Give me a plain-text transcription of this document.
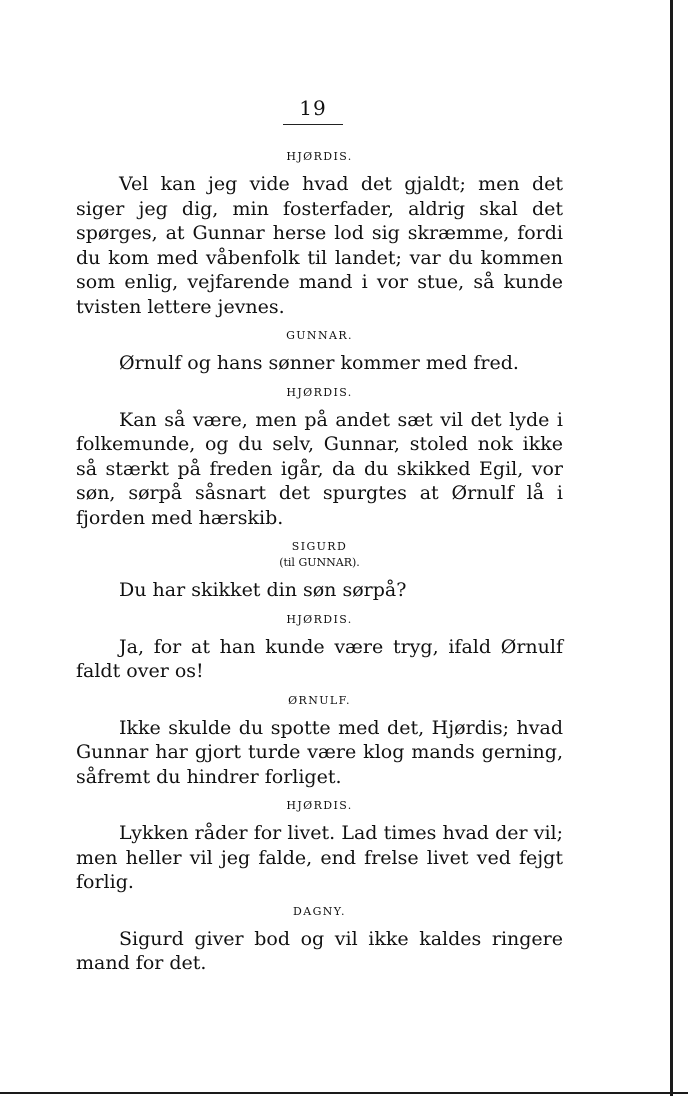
19

HJØRDIS.

Vel kan jeg vide hvad det gjaldt; men det siger jeg dig, min fosterfader, aldrig skal det spørges, at Gunnar herse lod sig skræmme, fordi du kom med våbenfolk til landet; var du kommen som enlig, vejfarende mand i vor stue, så kunde tvisten lettere jevnes.

GUNNAR.

Ørnulf og hans sønner kommer med fred.

HJØRDIS.

Kan så være, men på andet sæt vil det lyde i folkemunde, og du selv, Gunnar, stoled nok ikke så stærkt på freden igår, da du skikked Egil, vor søn, sørpå såsnart det spurgtes at Ørnulf lå i fjorden med hærskib.

SIGURD

(til GUNNAR).

Du har skikket din søn sørpå?

HJØRDIS.

Ja, for at han kunde være tryg, ifald Ørnulf faldt over os!

ØRNULF.

Ikke skulde du spotte med det, Hjørdis; hvad Gunnar har gjort turde være klog mands gerning, såfremt du hindrer forliget.

HJØRDIS.

Lykken råder for livet. Lad times hvad der vil; men heller vil jeg falde, end frelse livet ved fejgt forlig.

DAGNY.

Sigurd giver bod og vil ikke kaldes ringere mand for det.
